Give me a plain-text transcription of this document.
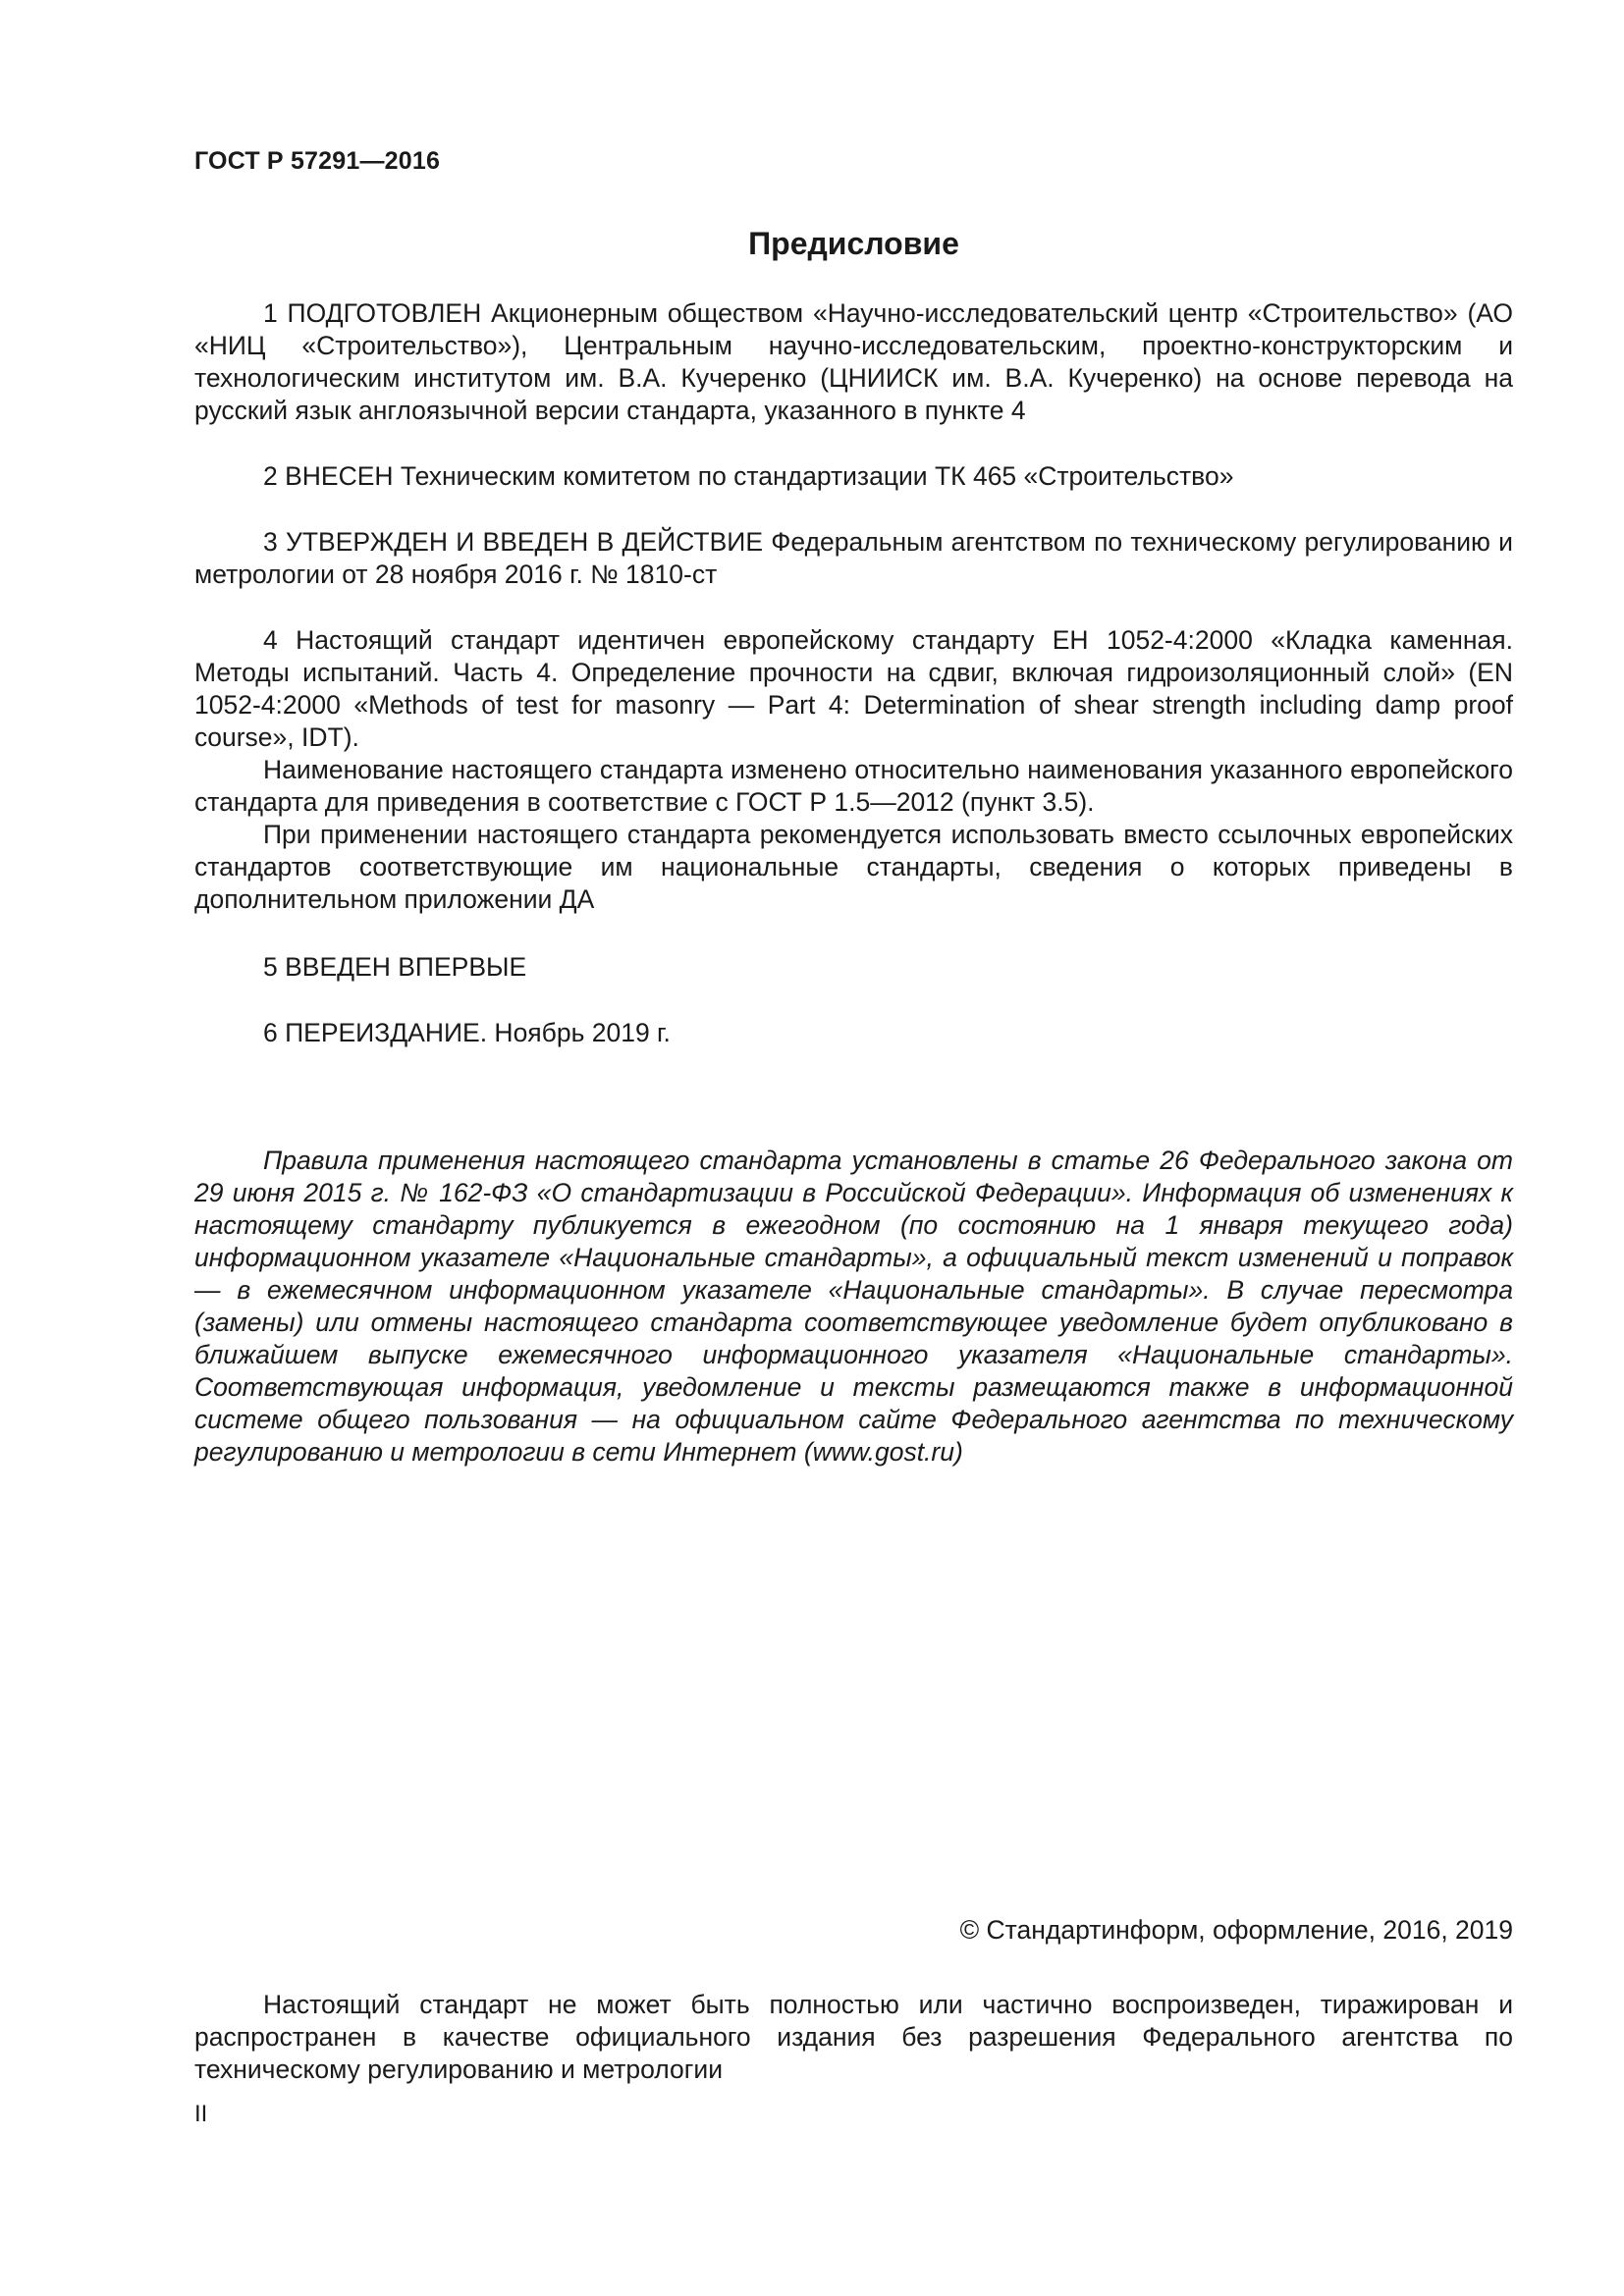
ГОСТ Р 57291—2016
Предисловие

1 ПОДГОТОВЛЕН Акционерным обществом «Научно-исследовательский центр «Строительство» (АО «НИЦ «Строительство»), Центральным научно-исследовательским, проектно-конструкторским и технологическим институтом им. В.А. Кучеренко (ЦНИИСК им. В.А. Кучеренко) на основе перевода на русский язык англоязычной версии стандарта, указанного в пункте 4

2 ВНЕСЕН Техническим комитетом по стандартизации ТК 465 «Строительство»

3 УТВЕРЖДЕН И ВВЕДЕН В ДЕЙСТВИЕ Федеральным агентством по техническому регулированию и метрологии от 28 ноября 2016 г. № 1810-ст

4 Настоящий стандарт идентичен европейскому стандарту ЕН 1052-4:2000 «Кладка каменная. Методы испытаний. Часть 4. Определение прочности на сдвиг, включая гидроизоляционный слой» (EN 1052-4:2000 «Methods of test for masonry — Part 4: Determination of shear strength including damp proof course», IDT).

Наименование настоящего стандарта изменено относительно наименования указанного европейского стандарта для приведения в соответствие с ГОСТ Р 1.5—2012 (пункт 3.5).

При применении настоящего стандарта рекомендуется использовать вместо ссылочных европейских стандартов соответствующие им национальные стандарты, сведения о которых приведены в дополнительном приложении ДА

5 ВВЕДЕН ВПЕРВЫЕ

6 ПЕРЕИЗДАНИЕ. Ноябрь 2019 г.

Правила применения настоящего стандарта установлены в статье 26 Федерального закона от 29 июня 2015 г. № 162-ФЗ «О стандартизации в Российской Федерации». Информация об изменениях к настоящему стандарту публикуется в ежегодном (по состоянию на 1 января текущего года) информационном указателе «Национальные стандарты», а официальный текст изменений и поправок — в ежемесячном информационном указателе «Национальные стандарты». В случае пересмотра (замены) или отмены настоящего стандарта соответствующее уведомление будет опубликовано в ближайшем выпуске ежемесячного информационного указателя «Национальные стандарты». Соответствующая информация, уведомление и тексты размещаются также в информационной системе общего пользования — на официальном сайте Федерального агентства по техническому регулированию и метрологии в сети Интернет (www.gost.ru)

© Стандартинформ, оформление, 2016, 2019

Настоящий стандарт не может быть полностью или частично воспроизведен, тиражирован и распространен в качестве официального издания без разрешения Федерального агентства по техническому регулированию и метрологии

II
